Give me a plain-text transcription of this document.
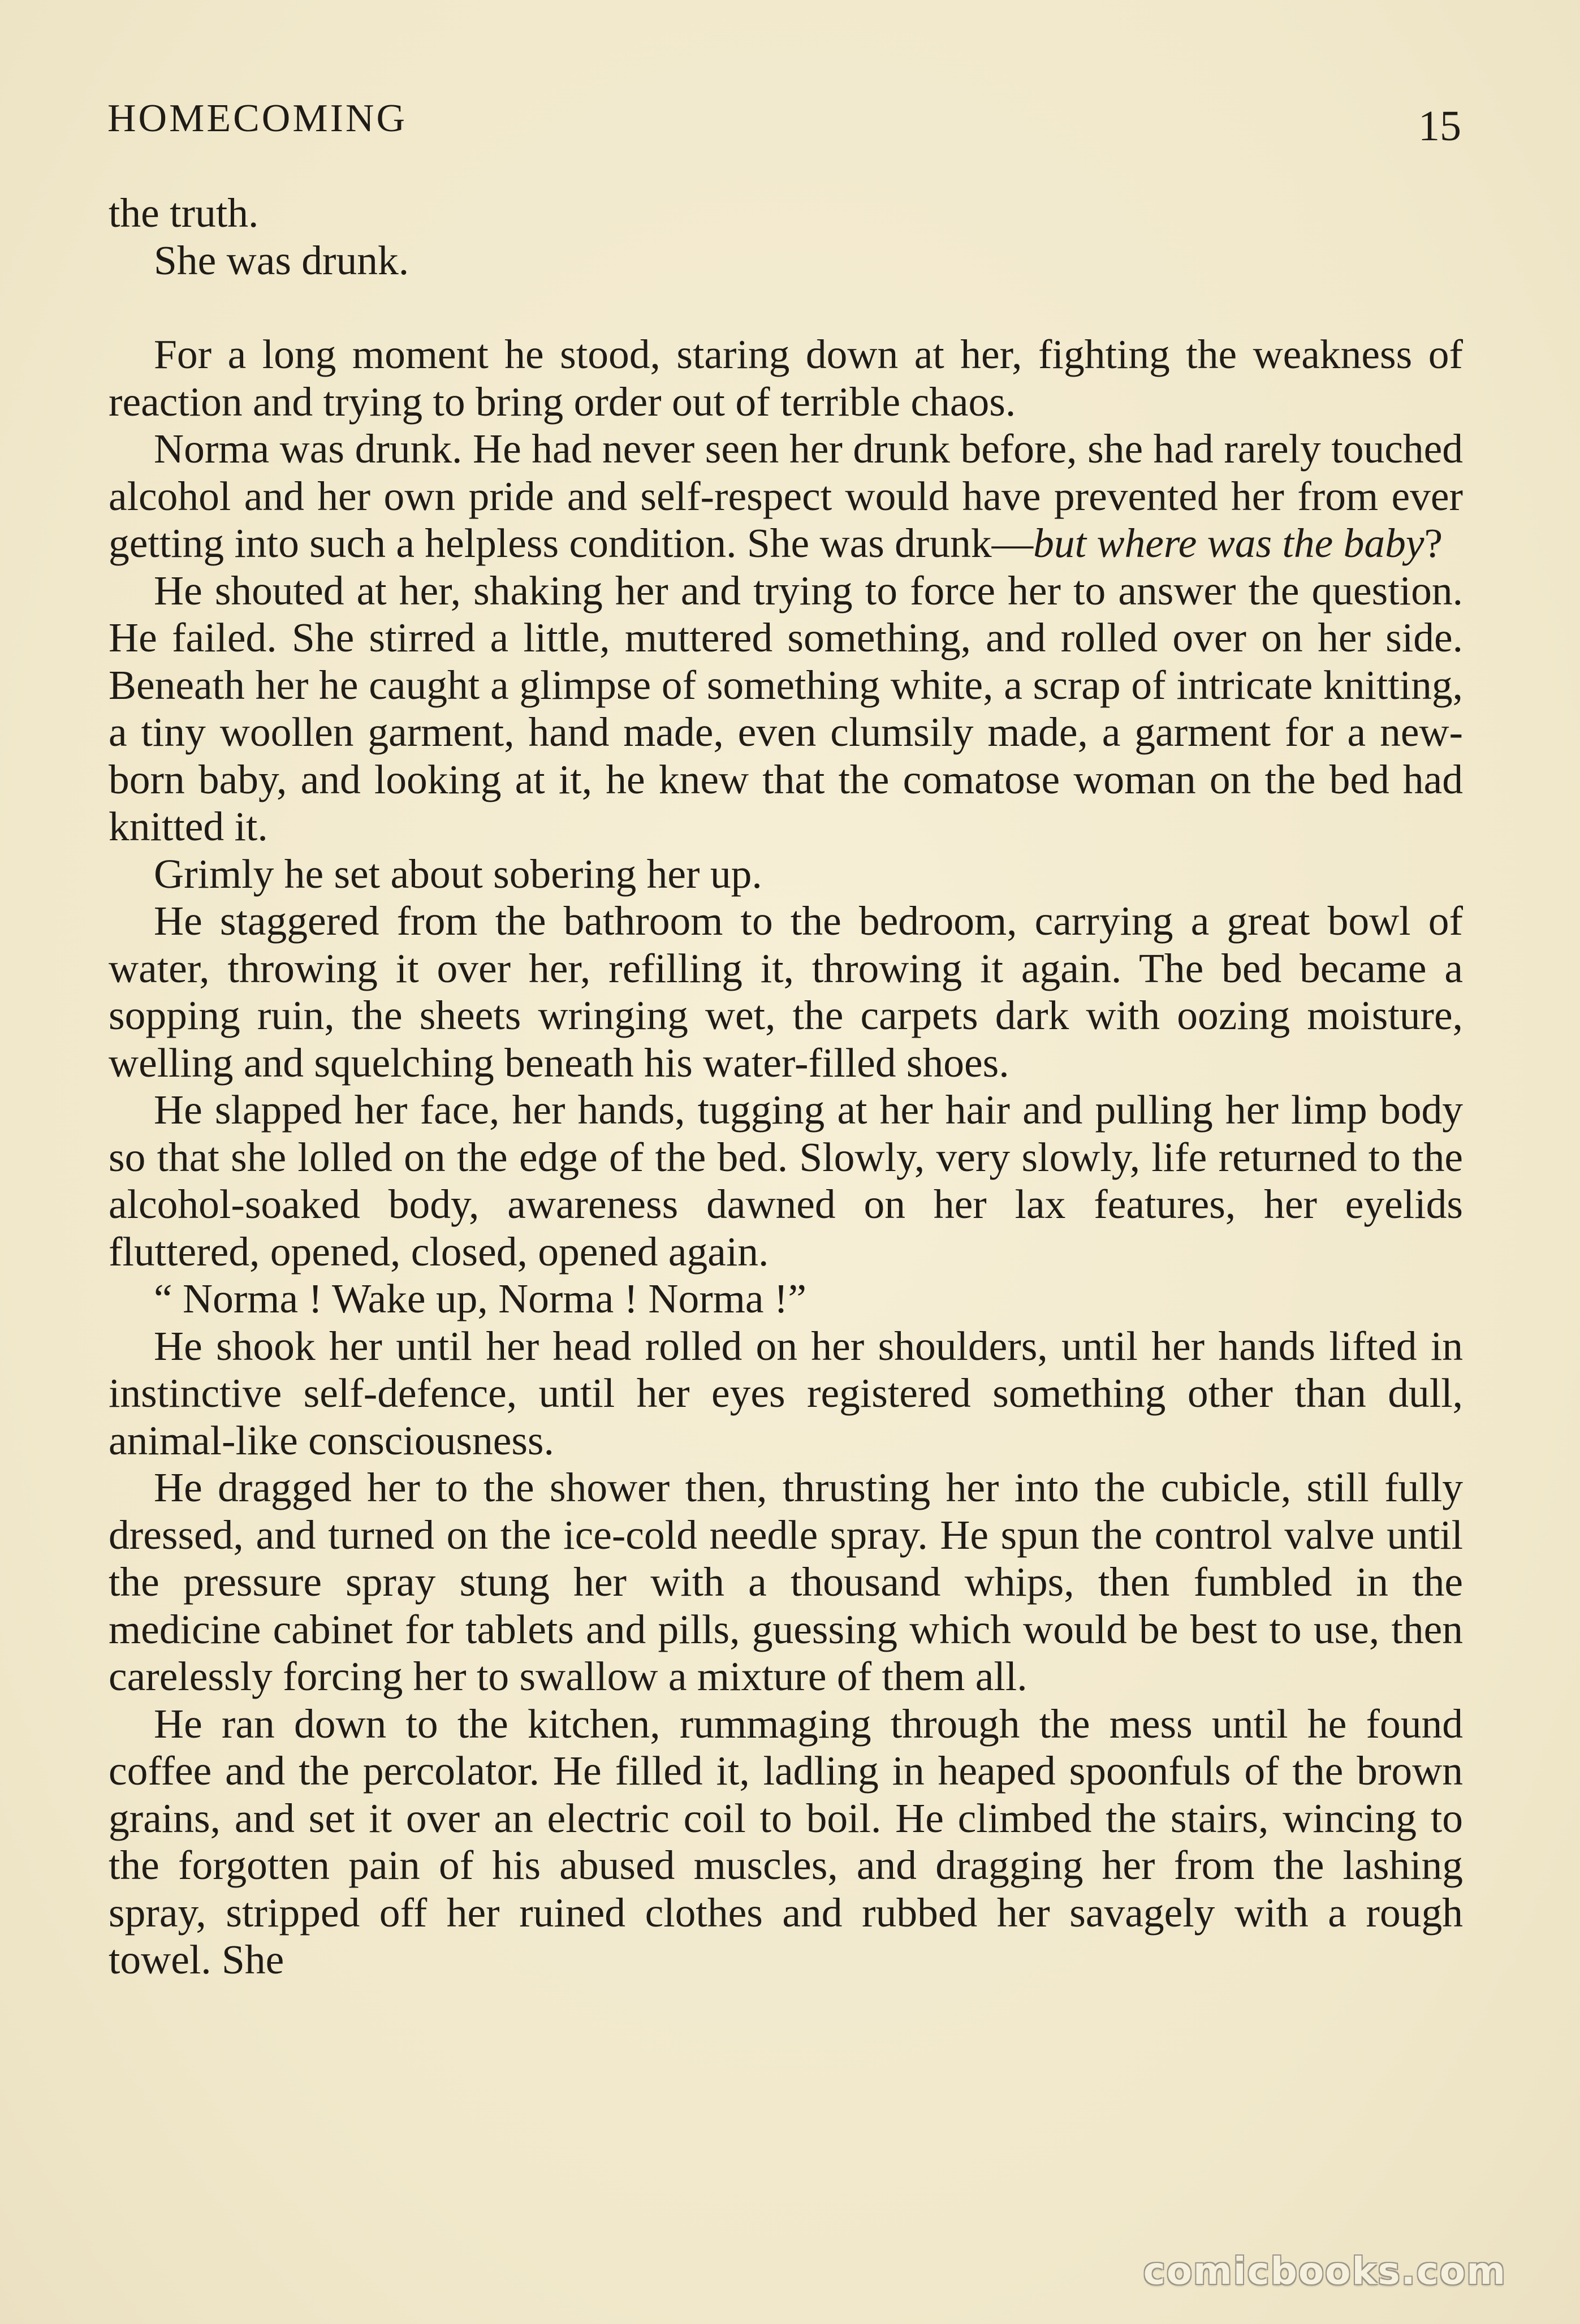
HOMECOMING	15

the truth.

She was drunk.

For a long moment he stood, staring down at her, fighting the weakness of reaction and trying to bring order out of terrible chaos.

Norma was drunk. He had never seen her drunk before, she had rarely touched alcohol and her own pride and self-respect would have prevented her from ever getting into such a helpless condition. She was drunk—but where was the baby?

He shouted at her, shaking her and trying to force her to answer the question. He failed. She stirred a little, muttered something, and rolled over on her side. Beneath her he caught a glimpse of something white, a scrap of intricate knitting, a tiny woollen garment, hand made, even clumsily made, a garment for a new-born baby, and looking at it, he knew that the comatose woman on the bed had knitted it.

Grimly he set about sobering her up.

He staggered from the bathroom to the bedroom, carrying a great bowl of water, throwing it over her, refilling it, throwing it again. The bed became a sopping ruin, the sheets wringing wet, the carpets dark with oozing moisture, welling and squelching beneath his water-filled shoes.

He slapped her face, her hands, tugging at her hair and pulling her limp body so that she lolled on the edge of the bed. Slowly, very slowly, life returned to the alcohol-soaked body, awareness dawned on her lax features, her eyelids fluttered, opened, closed, opened again.

“ Norma ! Wake up, Norma ! Norma !”

He shook her until her head rolled on her shoulders, until her hands lifted in instinctive self-defence, until her eyes registered something other than dull, animal-like consciousness.

He dragged her to the shower then, thrusting her into the cubicle, still fully dressed, and turned on the ice-cold needle spray. He spun the control valve until the pressure spray stung her with a thousand whips, then fumbled in the medicine cabinet for tablets and pills, guessing which would be best to use, then carelessly forcing her to swallow a mixture of them all.

He ran down to the kitchen, rummaging through the mess until he found coffee and the percolator. He filled it, ladling in heaped spoonfuls of the brown grains, and set it over an electric coil to boil. He climbed the stairs, wincing to the forgotten pain of his abused muscles, and dragging her from the lashing spray, stripped off her ruined clothes and rubbed her savagely with a rough towel. She

comicbooks.com
